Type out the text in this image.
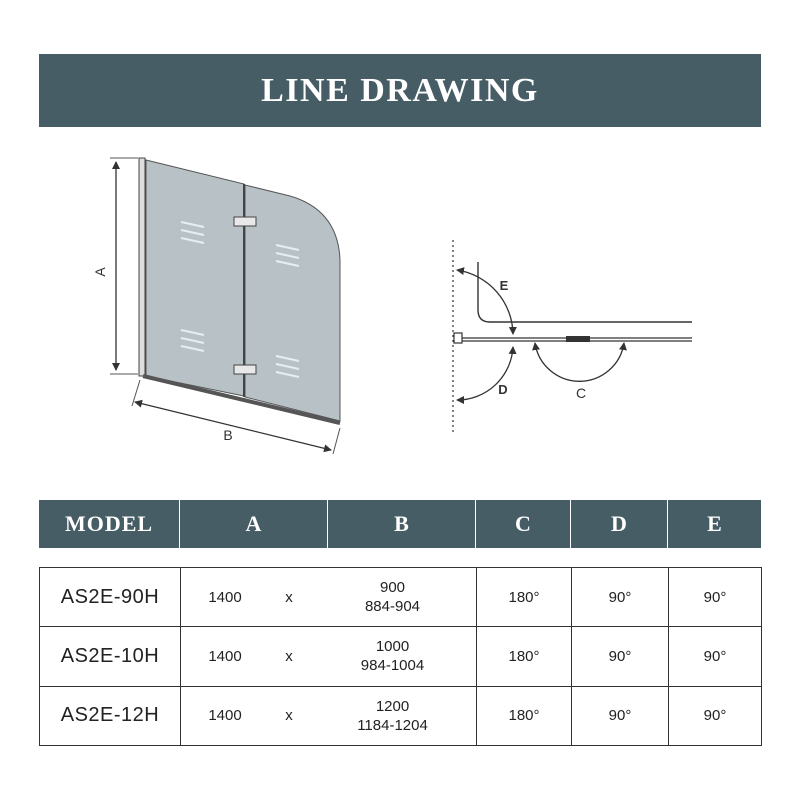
LINE DRAWING
A
B
E
D	C
MODEL	A	B	C	D	E
AS2E-90H	1400 x
900
884-904	180°	90°	90°
AS2E-10H	1400 x
1000
984-1004	180°	90°	90°
AS2E-12H	1400 x
1200
1184-1204	180°	90°	90°
